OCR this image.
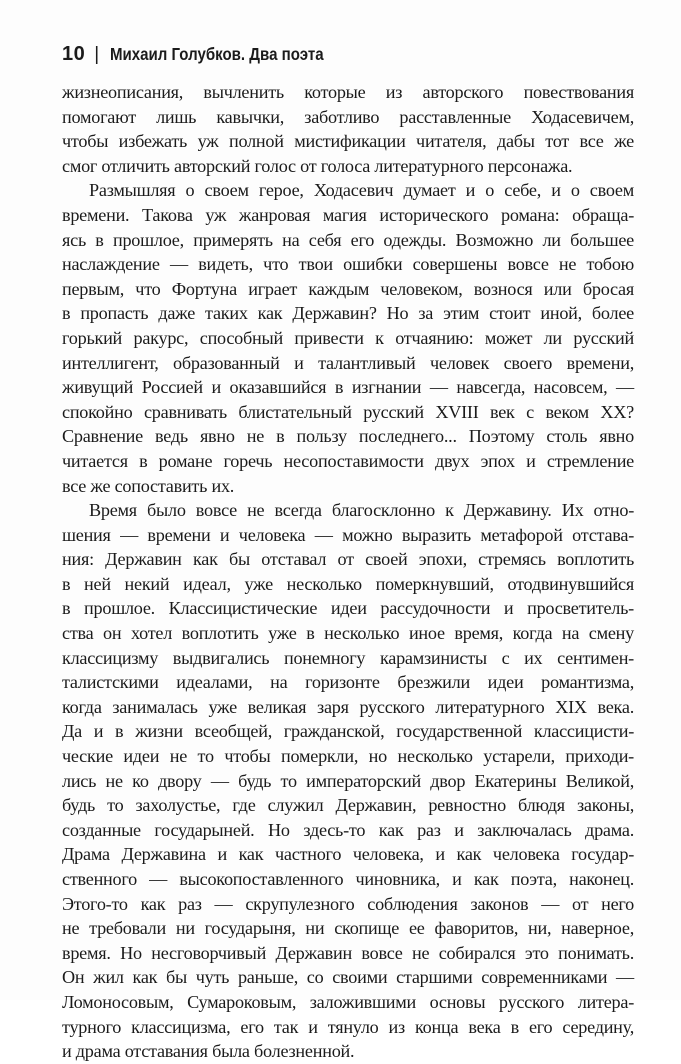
10 | Михаил Голубков. Два поэта
жизнеописания, вычленить которые из авторского повествования
помогают лишь кавычки, заботливо расставленные Ходасевичем,
чтобы избежать уж полной мистификации читателя, дабы тот все же
смог отличить авторский голос от голоса литературного персонажа.
Размышляя о своем герое, Ходасевич думает и о себе, и о своем
времени. Такова уж жанровая магия исторического романа: обраща-
ясь в прошлое, примерять на себя его одежды. Возможно ли большее
наслаждение — видеть, что твои ошибки совершены вовсе не тобою
первым, что Фортуна играет каждым человеком, вознося или бросая
в пропасть даже таких как Державин? Но за этим стоит иной, более
горький ракурс, способный привести к отчаянию: может ли русский
интеллигент, образованный и талантливый человек своего времени,
живущий Россией и оказавшийся в изгнании — навсегда, насовсем, —
спокойно сравнивать блистательный русский XVIII век с веком XX?
Сравнение ведь явно не в пользу последнего... Поэтому столь явно
читается в романе горечь несопоставимости двух эпох и стремление
все же сопоставить их.
Время было вовсе не всегда благосклонно к Державину. Их отно-
шения — времени и человека — можно выразить метафорой отстава-
ния: Державин как бы отставал от своей эпохи, стремясь воплотить
в ней некий идеал, уже несколько померкнувший, отодвинувшийся
в прошлое. Классицистические идеи рассудочности и просветитель-
ства он хотел воплотить уже в несколько иное время, когда на смену
классицизму выдвигались понемногу карамзинисты с их сентимен-
талистскими идеалами, на горизонте брезжили идеи романтизма,
когда занималась уже великая заря русского литературного XIX века.
Да и в жизни всеобщей, гражданской, государственной классицисти-
ческие идеи не то чтобы померкли, но несколько устарели, приходи-
лись не ко двору — будь то императорский двор Екатерины Великой,
будь то захолустье, где служил Державин, ревностно блюдя законы,
созданные государыней. Но здесь-то как раз и заключалась драма.
Драма Державина и как частного человека, и как человека государ-
ственного — высокопоставленного чиновника, и как поэта, наконец.
Этого-то как раз — скрупулезного соблюдения законов — от него
не требовали ни государыня, ни скопище ее фаворитов, ни, наверное,
время. Но несговорчивый Державин вовсе не собирался это понимать.
Он жил как бы чуть раньше, со своими старшими современниками —
Ломоносовым, Сумароковым, заложившими основы русского литера-
турного классицизма, его так и тянуло из конца века в его середину,
и драма отставания была болезненной.
